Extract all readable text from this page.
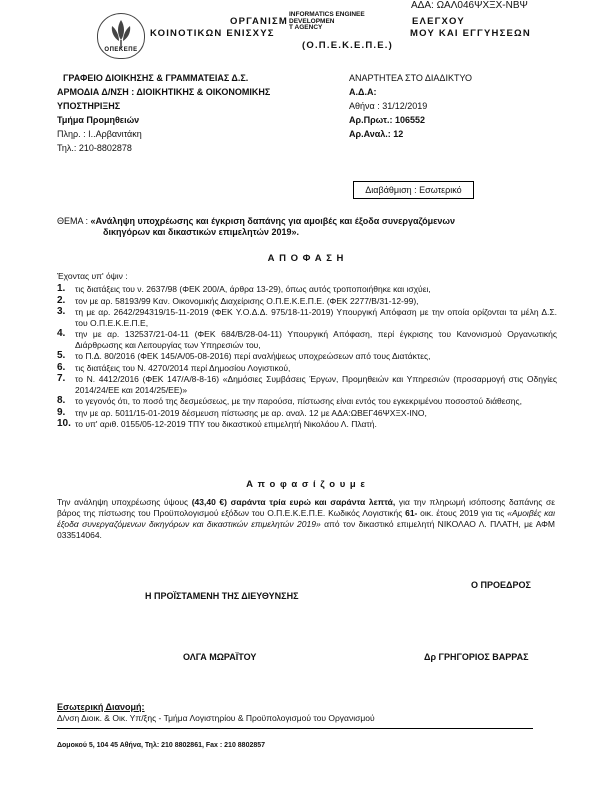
ΑΔΑ: ΩΑΛ046ΨΧΞΧ-ΝΒΨ
ΟΠΕΚΕΠΕ
ΟΡΓΑΝΙΣΜ	ΕΛΕΓΧΟΥ
ΚΟΙΝΟΤΙΚΩΝ ΕΝΙΣΧΥΣ	ΜΟΥ ΚΑΙ ΕΓΓΥΗΣΕΩΝ
(Ο.Π.Ε.Κ.Ε.Π.Ε.)
INFORMATICS ENGINEE
DEVELOPMEN
T AGENCY
ΓΡΑΦΕΙΟ ΔΙΟΙΚΗΣΗΣ & ΓΡΑΜΜΑΤΕΙΑΣ Δ.Σ.
ΑΡΜΟΔΙΑ Δ/ΝΣΗ : ΔΙΟΙΚΗΤΙΚΗΣ & ΟΙΚΟΝΟΜΙΚΗΣ
ΥΠΟΣΤΗΡΙΞΗΣ
Τμήμα Προμηθειών
Πληρ. : Ι..Αρβανιτάκη
Τηλ.: 210-8802878
ΑΝΑΡΤΗΤΕΑ ΣΤΟ ΔΙΑΔΙΚΤΥΟ
Α.Δ.Α:
Αθήνα : 31/12/2019
Αρ.Πρωτ.: 106552
Αρ.Αναλ.: 12
Διαβάθμιση : Εσωτερικό
ΘΕΜΑ : «Ανάληψη υποχρέωσης και έγκριση δαπάνης για αμοιβές και έξοδα συνεργαζόμενων
δικηγόρων και δικαστικών επιμελητών 2019».
Α Π Ο Φ Α Σ Η
Έχοντας υπ' όψιν :
1.	τις διατάξεις του ν. 2637/98 (ΦΕΚ 200/Α, άρθρα 13-29), όπως αυτός τροποποιήθηκε και ισχύει,
2.	τον με αρ. 58193/99 Καν. Οικονομικής Διαχείρισης Ο.Π.Ε.Κ.Ε.Π.Ε. (ΦΕΚ 2277/Β/31-12-99),
3.	τη με αρ. 2642/294319/15-11-2019 (ΦΕΚ Υ.Ο.Δ.Δ. 975/18-11-2019) Υπουργική Απόφαση με την οποία ορίζονται τα μέλη Δ.Σ. του Ο.Π.Ε.Κ.Ε.Π.Ε,
4.	την με αρ. 132537/21-04-11 (ΦΕΚ 684/Β/28-04-11) Υπουργική Απόφαση, περί έγκρισης του Κανονισμού Οργανωτικής Διάρθρωσης και Λειτουργίας των Υπηρεσιών του,
5.	το Π.Δ. 80/2016 (ΦΕΚ 145/Α/05-08-2016) περί αναλήψεως υποχρεώσεων από τους Διατάκτες,
6.	τις διατάξεις του Ν. 4270/2014 περί Δημοσίου Λογιστικού,
7.	το Ν. 4412/2016 (ΦΕΚ 147/Α/8-8-16) «Δημόσιες Συμβάσεις Έργων, Προμηθειών και Υπηρεσιών (προσαρμογή στις Οδηγίες 2014/24/ΕΕ και 2014/25/ΕΕ)»
8.	το γεγονός ότι, το ποσό της δεσμεύσεως, με την παρούσα, πίστωσης είναι εντός του εγκεκριμένου ποσοστού διάθεσης,
9.	την με αρ. 5011/15-01-2019 δέσμευση πίστωσης με αρ. αναλ. 12 με ΑΔΑ:ΩΒΕΓ46ΨΧΞΧ-ΙΝΟ,
10. το υπ' αριθ. 0155/05-12-2019 ΤΠΥ του δικαστικού επιμελητή Νικολάου Λ. Πλατή.
Α π ο φ α σ ί ζ ο υ μ ε
Την ανάληψη υποχρέωσης ύψους (43,40 €) σαράντα τρία ευρώ και σαράντα λεπτά, για την πληρωμή ισόποσης δαπάνης σε βάρος της πίστωσης του Προϋπολογισμού εξόδων του Ο.Π.Ε.Κ.Ε.Π.Ε. Κωδικός Λογιστικής 61- οικ. έτους 2019 για τις «Αμοιβές και έξοδα συνεργαζόμενων δικηγόρων και δικαστικών επιμελητών 2019» από τον δικαστικό επιμελητή ΝΙΚΟΛΑΟ Λ. ΠΛΑΤΗ, με ΑΦΜ 033514064.
Η ΠΡΟΪΣΤΑΜΕΝΗ ΤΗΣ ΔΙΕΥΘΥΝΣΗΣ
ΟΛΓΑ ΜΩΡΑΪΤΟΥ
Ο ΠΡΟΕΔΡΟΣ
Δρ ΓΡΗΓΟΡΙΟΣ ΒΑΡΡΑΣ
Εσωτερική Διανομή:
Δ/νση Διοικ. & Οικ. Υπ/ξης - Τμήμα Λογιστηρίου & Προϋπολογισμού του Οργανισμού
Δομοκού 5, 104 45 Αθήνα, Τηλ: 210 8802861, Fax : 210 8802857
